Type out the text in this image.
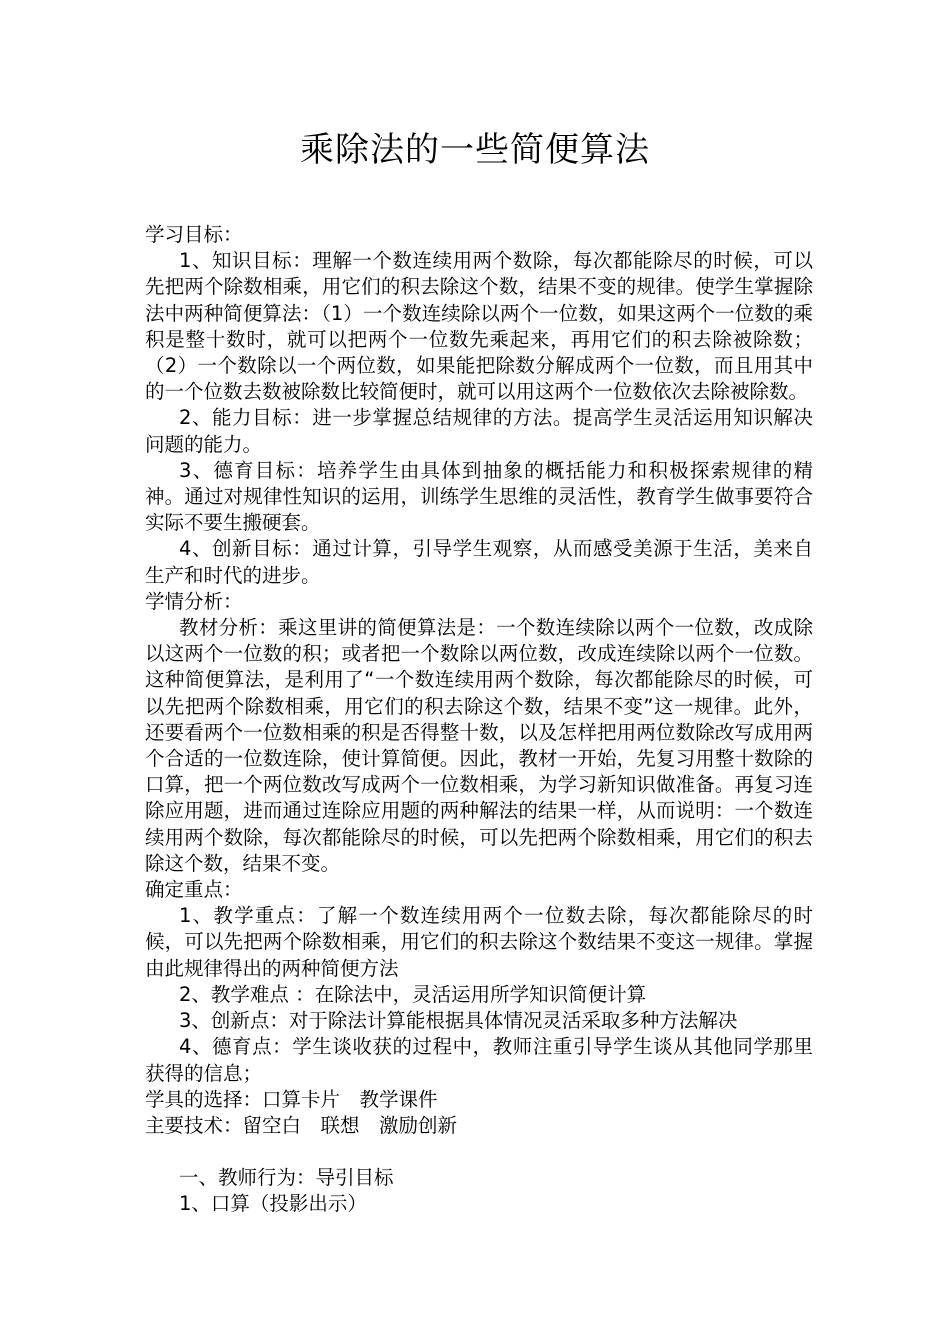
乘除法的一些简便算法

学习目标：

1、知识目标：理解一个数连续用两个数除，每次都能除尽的时候，可以先把两个除数相乘，用它们的积去除这个数，结果不变的规律。使学生掌握除法中两种简便算法：（1）一个数连续除以两个一位数，如果这两个一位数的乘积是整十数时，就可以把两个一位数先乘起来，再用它们的积去除被除数；（2）一个数除以一个两位数，如果能把除数分解成两个一位数，而且用其中的一个位数去数被除数比较简便时，就可以用这两个一位数依次去除被除数。

2、能力目标：进一步掌握总结规律的方法。提高学生灵活运用知识解决问题的能力。

3、德育目标：培养学生由具体到抽象的概括能力和积极探索规律的精神。通过对规律性知识的运用，训练学生思维的灵活性，教育学生做事要符合实际不要生搬硬套。

4、创新目标：通过计算，引导学生观察，从而感受美源于生活，美来自生产和时代的进步。

学情分析：

教材分析：乘这里讲的简便算法是：一个数连续除以两个一位数，改成除以这两个一位数的积；或者把一个数除以两位数，改成连续除以两个一位数。这种简便算法，是利用了“一个数连续用两个数除，每次都能除尽的时候，可以先把两个除数相乘，用它们的积去除这个数，结果不变”这一规律。此外，还要看两个一位数相乘的积是否得整十数，以及怎样把用两位数除改写成用两个合适的一位数连除，使计算简便。因此，教材一开始，先复习用整十数除的口算，把一个两位数改写成两个一位数相乘，为学习新知识做准备。再复习连除应用题，进而通过连除应用题的两种解法的结果一样，从而说明：一个数连续用两个数除，每次都能除尽的时候，可以先把两个除数相乘，用它们的积去除这个数，结果不变。

确定重点：

1、教学重点：了解一个数连续用两个一位数去除，每次都能除尽的时候，可以先把两个除数相乘，用它们的积去除这个数结果不变这一规律。掌握由此规律得出的两种简便方法

2、教学难点 ：在除法中，灵活运用所学知识简便计算

3、创新点：对于除法计算能根据具体情况灵活采取多种方法解决

4、德育点：学生谈收获的过程中，教师注重引导学生谈从其他同学那里获得的信息；

学具的选择：口算卡片　教学课件

主要技术：留空白　联想　激励创新

一、教师行为：导引目标

1、口算（投影出示）
